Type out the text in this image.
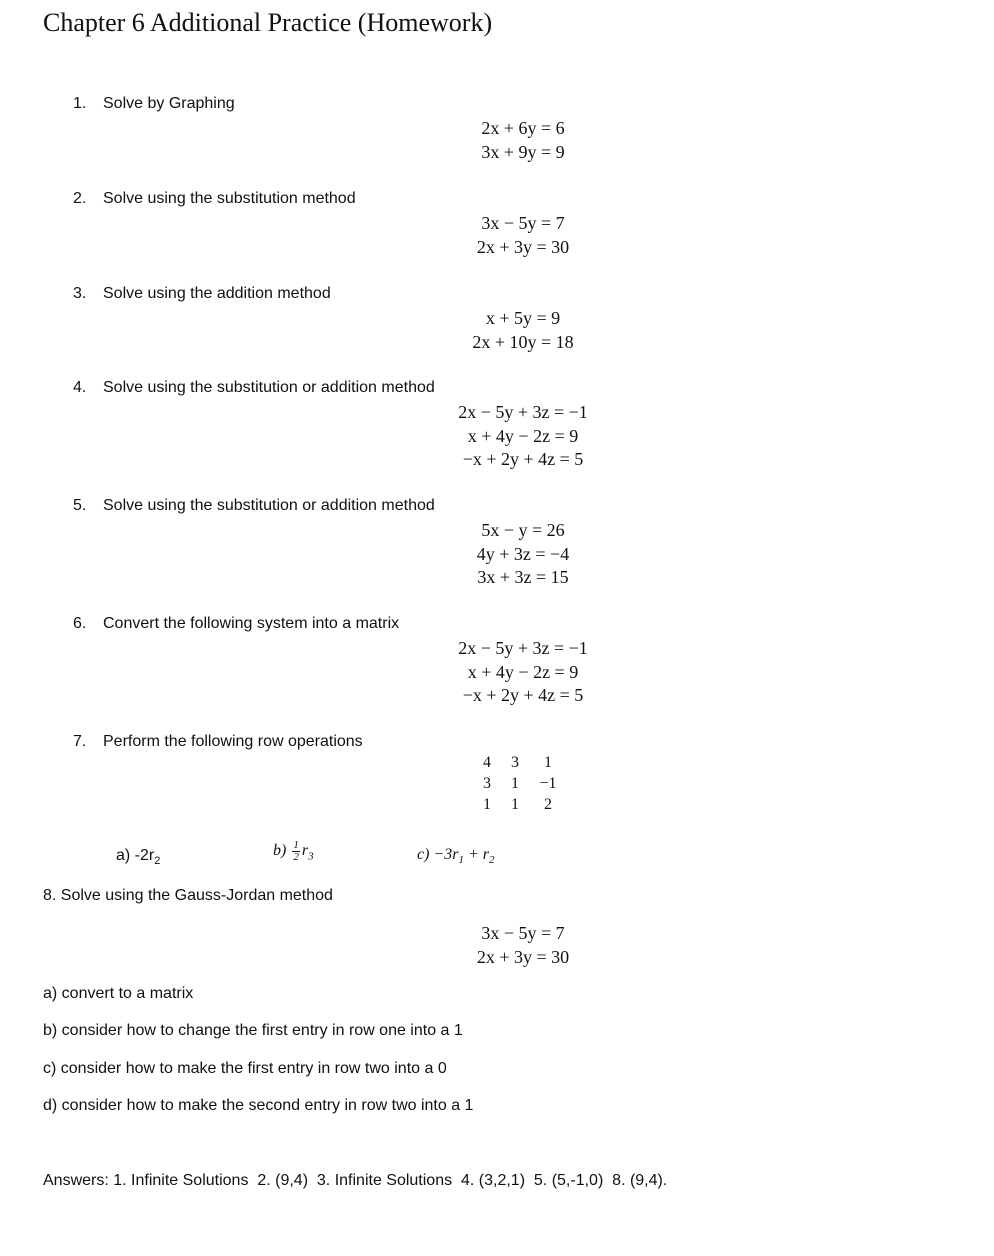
Chapter 6 Additional Practice (Homework)
1. Solve by Graphing
2x + 6y = 6
3x + 9y = 9
2. Solve using the substitution method
3x − 5y = 7
2x + 3y = 30
3. Solve using the addition method
x + 5y = 9
2x + 10y = 18
4. Solve using the substitution or addition method
2x − 5y + 3z = −1
x + 4y − 2z = 9
−x + 2y + 4z = 5
5. Solve using the substitution or addition method
5x − y = 26
4y + 3z = −4
3x + 3z = 15
6. Convert the following system into a matrix
2x − 5y + 3z = −1
x + 4y − 2z = 9
−x + 2y + 4z = 5
7. Perform the following row operations
4	3	1
3	1	−1
1	1	2
a) $-2r_2$
$b) \frac{1}{2} r_3$	$c) -3r_1 + r_2$
8. Solve using the Gauss-Jordan method
3x − 5y = 7
2x + 3y = 30
a) convert to a matrix
b) consider how to change the first entry in row one into a 1
c) consider how to make the first entry in row two into a 0
d) consider how to make the second entry in row two into a 1
Answers: 1. Infinite Solutions  2. (9,4)  3. Infinite Solutions  4. (3,2,1)  5. (5,-1,0)  8. (9,4).
